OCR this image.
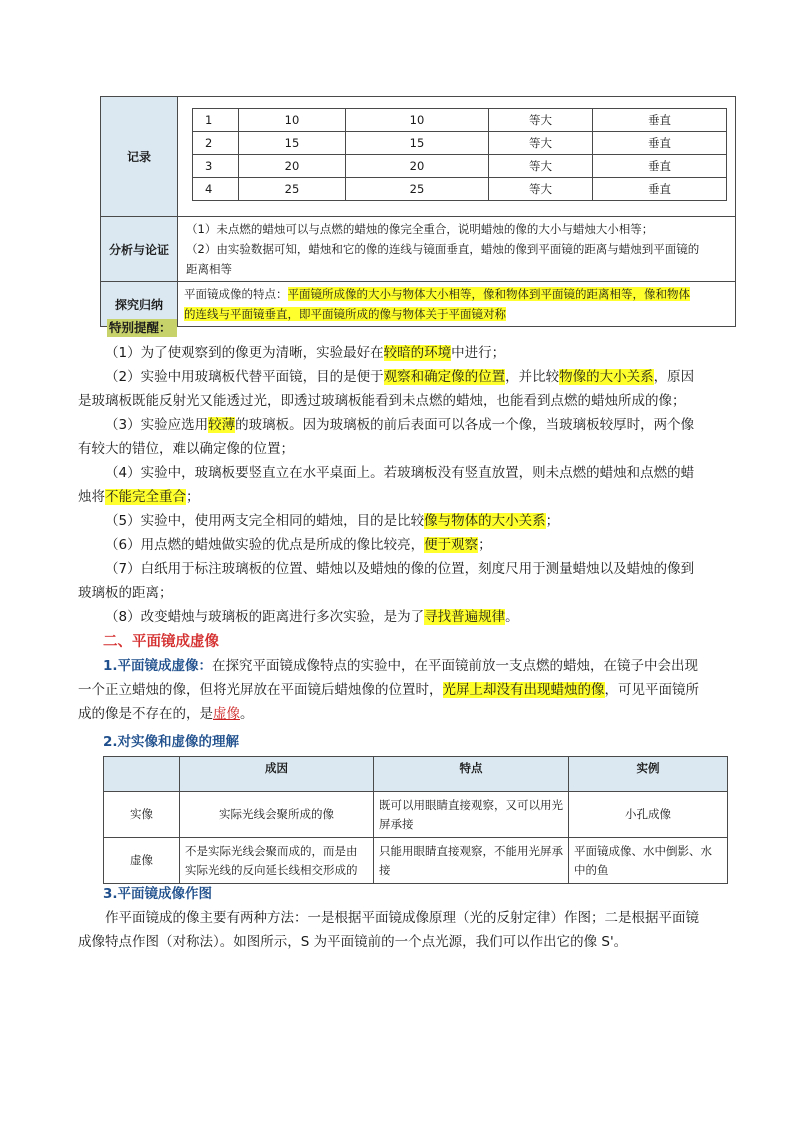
记录	
1	10	10	等大	垂直
2	15	15	等大	垂直
3	20	20	等大	垂直
4	25	25	等大	垂直

分析与论证	
（1）未点燃的蜡烛可以与点燃的蜡烛的像完全重合，说明蜡烛的像的大小与蜡烛大小相等；
（2）由实验数据可知，蜡烛和它的像的连线与镜面垂直，蜡烛的像到平面镜的距离与蜡烛到平面镜的
距离相等

探究归纳	
平面镜成像的特点：平面镜所成像的大小与物体大小相等，像和物体到平面镜的距离相等，像和物体
的连线与平面镜垂直，即平面镜所成的像与物体关于平面镜对称
特别提醒：
（1）为了使观察到的像更为清晰，实验最好在较暗的环境中进行；
（2）实验中用玻璃板代替平面镜，目的是便于观察和确定像的位置，并比较物像的大小关系，原因
是玻璃板既能反射光又能透过光，即透过玻璃板能看到未点燃的蜡烛，也能看到点燃的蜡烛所成的像；
（3）实验应选用较薄的玻璃板。因为玻璃板的前后表面可以各成一个像，当玻璃板较厚时，两个像
有较大的错位，难以确定像的位置；
（4）实验中，玻璃板要竖直立在水平桌面上。若玻璃板没有竖直放置，则未点燃的蜡烛和点燃的蜡
烛将不能完全重合；
（5）实验中，使用两支完全相同的蜡烛，目的是比较像与物体的大小关系；
（6）用点燃的蜡烛做实验的优点是所成的像比较亮，便于观察；
（7）白纸用于标注玻璃板的位置、蜡烛以及蜡烛的像的位置，刻度尺用于测量蜡烛以及蜡烛的像到
玻璃板的距离；
（8）改变蜡烛与玻璃板的距离进行多次实验，是为了寻找普遍规律。
二、平面镜成虚像
1.平面镜成虚像：在探究平面镜成像特点的实验中，在平面镜前放一支点燃的蜡烛，在镜子中会出现
一个正立蜡烛的像，但将光屏放在平面镜后蜡烛像的位置时，光屏上却没有出现蜡烛的像，可见平面镜所
成的像是不存在的，是虚像。
2.对实像和虚像的理解
	成因	特点	实例
实像	实际光线会聚所成的像	既可以用眼睛直接观察，又可以用光屏承接	小孔成像
虚像	不是实际光线会聚而成的，而是由实际光线的反向延长线相交形成的	只能用眼睛直接观察，不能用光屏承接	平面镜成像、水中倒影、水中的鱼
3.平面镜成像作图
作平面镜成的像主要有两种方法：一是根据平面镜成像原理（光的反射定律）作图；二是根据平面镜
成像特点作图（对称法）。如图所示，S 为平面镜前的一个点光源，我们可以作出它的像 S'。
